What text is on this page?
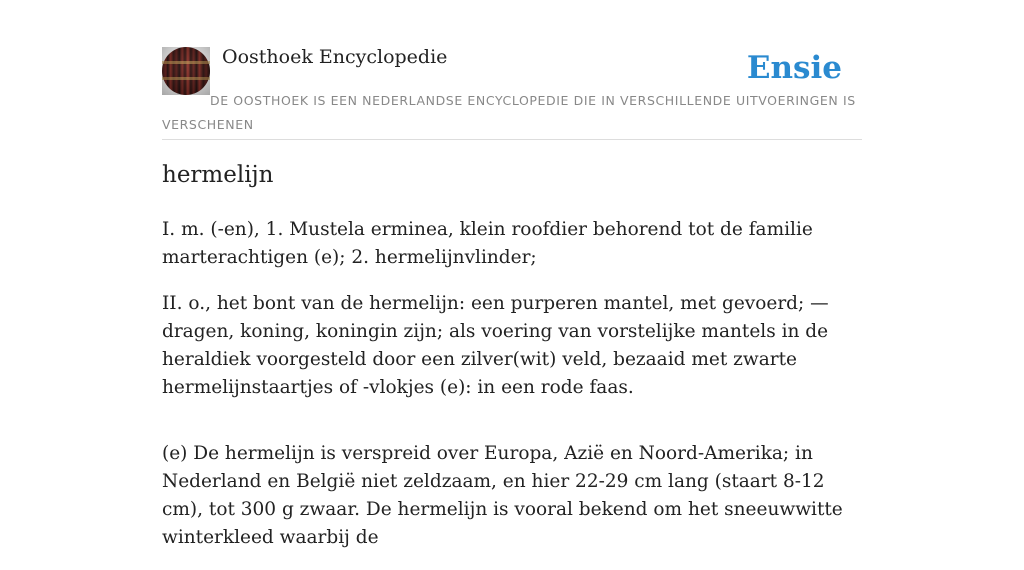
Oosthoek Encyclopedie	Ensie
DE OOSTHOEK IS EEN NEDERLANDSE ENCYCLOPEDIE DIE IN VERSCHILLENDE UITVOERINGEN IS VERSCHENEN
hermelijn

I. m. (-en), 1. Mustela erminea, klein roofdier behorend tot de familie marterachtigen (e); 2. hermelijnvlinder;

II. o., het bont van de hermelijn: een purperen mantel, met gevoerd; — dragen, koning, koningin zijn; als voering van vorstelijke mantels in de heraldiek voorgesteld door een zilver(wit) veld, bezaaid met zwarte hermelijnstaartjes of -vlokjes (e): in een rode faas.

(e) De hermelijn is verspreid over Europa, Azië en Noord-Amerika; in Nederland en België niet zeldzaam, en hier 22-29 cm lang (staart 8-12 cm), tot 300 g zwaar. De hermelijn is vooral bekend om het sneeuwwitte winterkleed waarbij de
